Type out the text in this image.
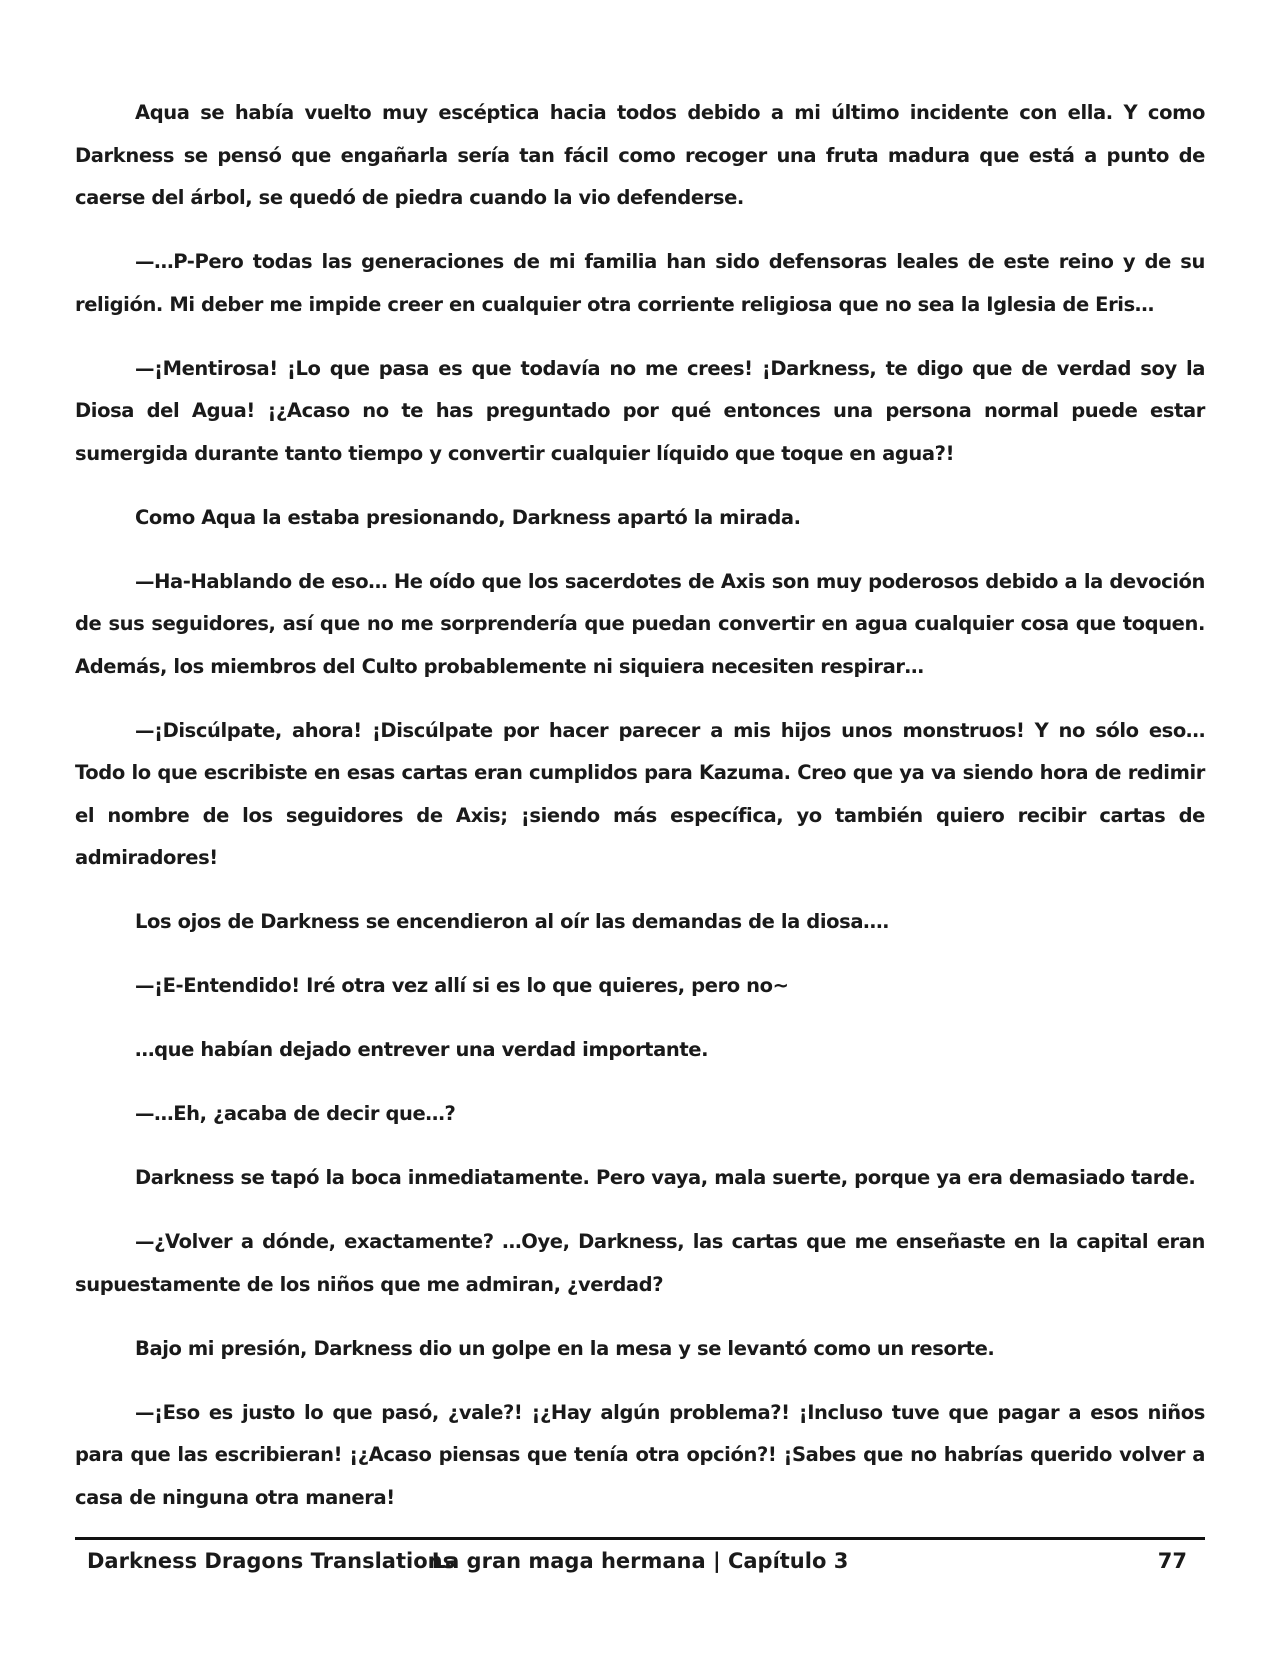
Aqua se había vuelto muy escéptica hacia todos debido a mi último incidente con ella. Y como Darkness se pensó que engañarla sería tan fácil como recoger una fruta madura que está a punto de caerse del árbol, se quedó de piedra cuando la vio defenderse.

—…P-Pero todas las generaciones de mi familia han sido defensoras leales de este reino y de su religión. Mi deber me impide creer en cualquier otra corriente religiosa que no sea la Iglesia de Eris…

—¡Mentirosa! ¡Lo que pasa es que todavía no me crees! ¡Darkness, te digo que de verdad soy la Diosa del Agua! ¡¿Acaso no te has preguntado por qué entonces una persona normal puede estar sumergida durante tanto tiempo y convertir cualquier líquido que toque en agua?!

Como Aqua la estaba presionando, Darkness apartó la mirada.

—Ha-Hablando de eso… He oído que los sacerdotes de Axis son muy poderosos debido a la devoción de sus seguidores, así que no me sorprendería que puedan convertir en agua cualquier cosa que toquen. Además, los miembros del Culto probablemente ni siquiera necesiten respirar…

—¡Discúlpate, ahora! ¡Discúlpate por hacer parecer a mis hijos unos monstruos! Y no sólo eso… Todo lo que escribiste en esas cartas eran cumplidos para Kazuma. Creo que ya va siendo hora de redimir el nombre de los seguidores de Axis; ¡siendo más específica, yo también quiero recibir cartas de admiradores!

Los ojos de Darkness se encendieron al oír las demandas de la diosa….

—¡E-Entendido! Iré otra vez allí si es lo que quieres, pero no~

…que habían dejado entrever una verdad importante.

—…Eh, ¿acaba de decir que…?

Darkness se tapó la boca inmediatamente. Pero vaya, mala suerte, porque ya era demasiado tarde.

—¿Volver a dónde, exactamente? …Oye, Darkness, las cartas que me enseñaste en la capital eran supuestamente de los niños que me admiran, ¿verdad?

Bajo mi presión, Darkness dio un golpe en la mesa y se levantó como un resorte.

—¡Eso es justo lo que pasó, ¿vale?! ¡¿Hay algún problema?! ¡Incluso tuve que pagar a esos niños para que las escribieran! ¡¿Acaso piensas que tenía otra opción?! ¡Sabes que no habrías querido volver a casa de ninguna otra manera!

Darkness Dragons Translations
La gran maga hermana | Capítulo 3	77
